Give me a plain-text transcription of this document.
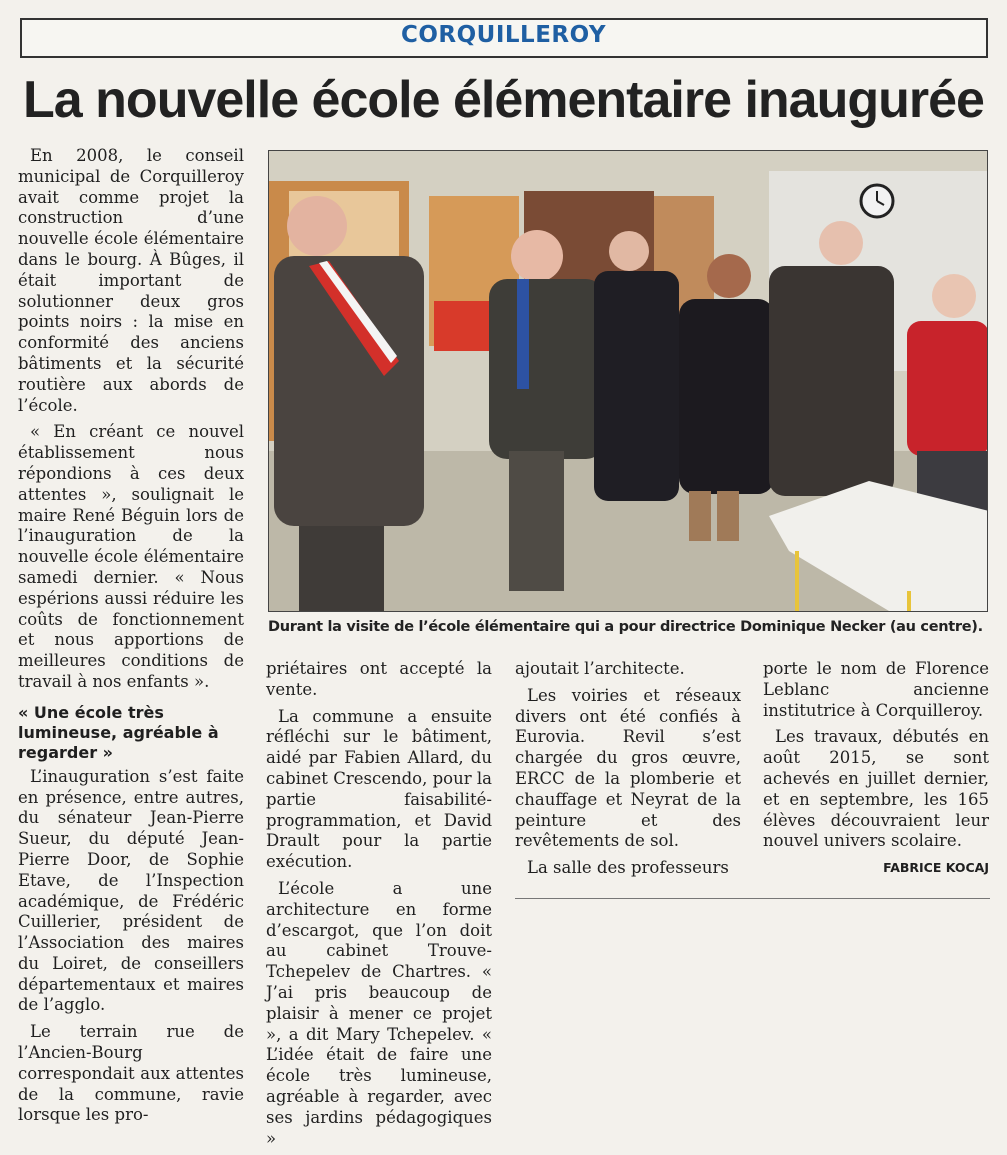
CORQUILLEROY
La nouvelle école élémentaire inaugurée
Durant la visite de l’école élémentaire qui a pour directrice Dominique Necker (au centre).

En 2008, le conseil municipal de Corquilleroy avait comme projet la construction d’une nouvelle école élémentaire dans le bourg. À Bûges, il était important de solutionner deux gros points noirs : la mise en conformité des anciens bâtiments et la sécurité routière aux abords de l’école.

« En créant ce nouvel établissement nous répondions à ces deux attentes », soulignait le maire René Béguin lors de l’inauguration de la nouvelle école élémentaire samedi dernier. « Nous espérions aussi réduire les coûts de fonctionnement et nous apportions de meilleures conditions de travail à nos enfants ».

« Une école très lumineuse, agréable à regarder »

L’inauguration s’est faite en présence, entre autres, du sénateur Jean-Pierre Sueur, du député Jean-Pierre Door, de Sophie Etave, de l’Inspection académique, de Frédéric Cuillerier, président de l’Association des maires du Loiret, de conseillers départementaux et maires de l’agglo.

Le terrain rue de l’Ancien-Bourg correspondait aux attentes de la commune, ravie lorsque les pro-

priétaires ont accepté la vente.

La commune a ensuite réfléchi sur le bâtiment, aidé par Fabien Allard, du cabinet Crescendo, pour la partie faisabilité-programmation, et David Drault pour la partie exécution.

L’école a une architecture en forme d’escargot, que l’on doit au cabinet Trouve-Tchepelev de Chartres. « J’ai pris beaucoup de plaisir à mener ce projet », a dit Mary Tchepelev. « L’idée était de faire une école très lumineuse, agréable à regarder, avec ses jardins pédagogiques »

ajoutait l’architecte.

Les voiries et réseaux divers ont été confiés à Eurovia. Revil s’est chargée du gros œuvre, ERCC de la plomberie et chauffage et Neyrat de la peinture et des revêtements de sol.

La salle des professeurs

porte le nom de Florence Leblanc ancienne institutrice à Corquilleroy.

Les travaux, débutés en août 2015, se sont achevés en juillet dernier, et en septembre, les 165 élèves découvraient leur nouvel univers scolaire.

FABRICE KOCAJ
